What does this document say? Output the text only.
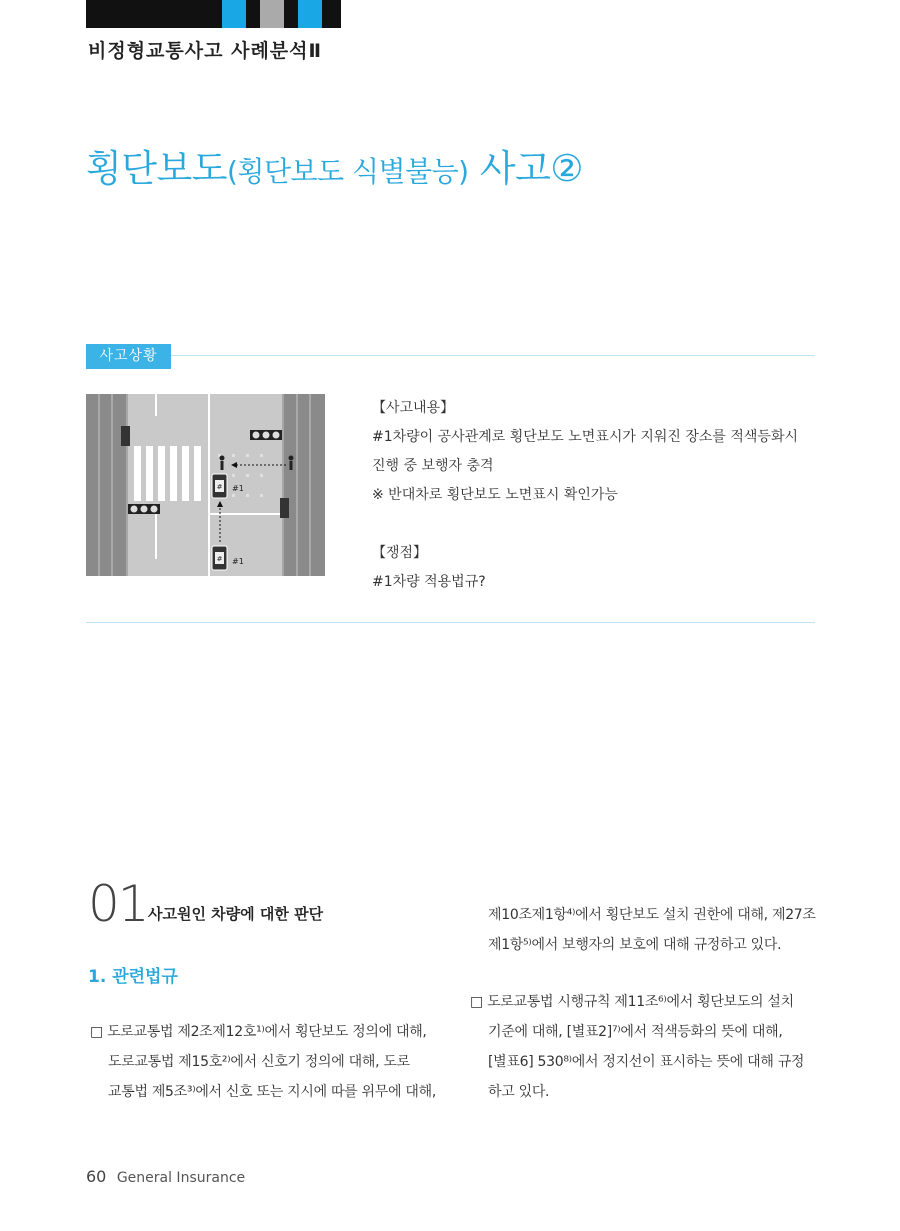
비정형교통사고 사례분석Ⅱ
횡단보도(횡단보도 식별불능) 사고②
사고상황
# #1
# #1

【사고내용】

#1차량이 공사관계로 횡단보도 노면표시가 지워진 장소를 적색등화시

진행 중 보행자 충격

※ 반대차로 횡단보도 노면표시 확인가능

【쟁점】

#1차량 적용법규?

01 사고원인 차량에 대한 판단
1. 관련법규

□ 도로교통법 제2조제12호¹⁾에서 횡단보도 정의에 대해,

도로교통법 제15호²⁾에서 신호기 정의에 대해, 도로

교통법 제5조³⁾에서 신호 또는 지시에 따를 위무에 대해,

제10조제1항⁴⁾에서 횡단보도 설치 권한에 대해, 제27조

제1항⁵⁾에서 보행자의 보호에 대해 규정하고 있다.

□ 도로교통법 시행규칙 제11조⁶⁾에서 횡단보도의 설치

기준에 대해, [별표2]⁷⁾에서 적색등화의 뜻에 대해,

[별표6] 530⁸⁾에서 정지선이 표시하는 뜻에 대해 규정

하고 있다.

60 General Insurance
